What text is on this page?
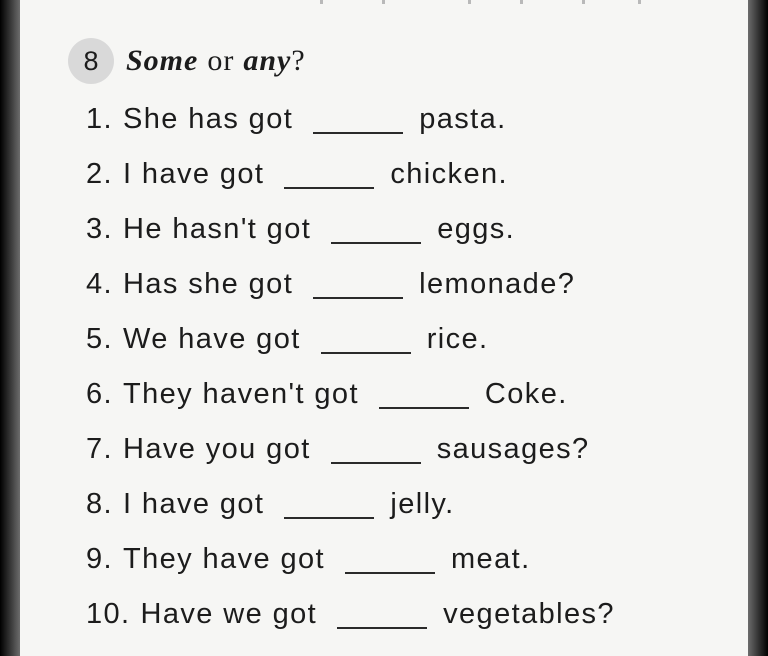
8 Some or any?
1. She has got	pasta.
2. I have got	chicken.
3. He hasn't got	eggs.
4. Has she got	lemonade?
5. We have got	rice.
6. They haven't got	Coke.
7. Have you got	sausages?
8. I have got	jelly.
9. They have got	meat.
10. Have we got	vegetables?
